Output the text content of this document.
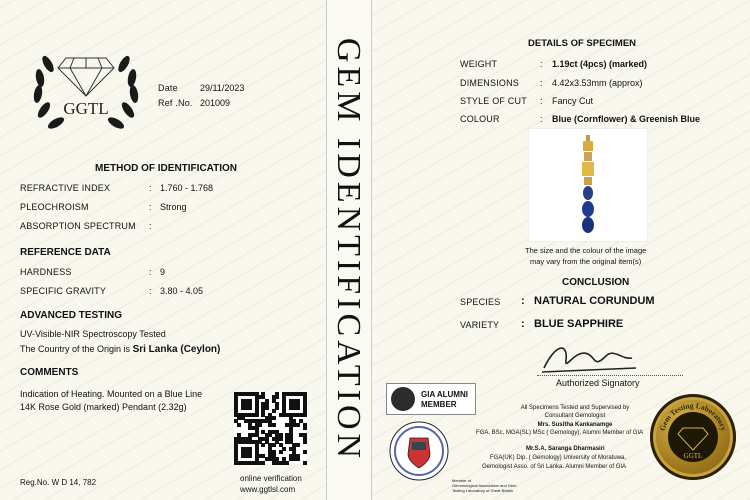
GGTL
Date 29/11/2023
Ref .No. 201009
METHOD OF IDENTIFICATION
REFRACTIVE INDEX	: 1.760 - 1.768
PLEOCHROISM	: Strong
ABSORPTION SPECTRUM :
REFERENCE DATA
HARDNESS	: 9
SPECIFIC GRAVITY	: 3.80 - 4.05
ADVANCED TESTING
UV-Visible-NIR Spectroscopy Tested
The Country of the Origin is Sri Lanka (Ceylon)
COMMENTS
Indication of Heating. Mounted on a Blue Line
14K Rose Gold (marked) Pendant (2.32g)
online verification
www.ggtlsl.com
Reg.No. W D 14, 782
GEM IDENTIFICATION	DETAILS OF SPECIMEN
WEIGHT	: 1.19ct (4pcs) (marked)
DIMENSIONS : 4.42x3.53mm (approx)
STYLE OF CUT : Fancy Cut
COLOUR	: Blue (Cornflower) & Greenish Blue
The size and the colour of the image
may vary from the original item(s)
CONCLUSION
SPECIES : NATURAL CORUNDUM
VARIETY : BLUE SAPPHIRE
Authorized Signatory
GIA ALUMNI
MEMBER
Member of
Gemmological Association and Gem
Testing Laboratory of Great Britain
All Specimens Tested and Supervised by
Consultant Gemologist
Mrs. Susitha Kankanamge
FGA, BSc, MGA(SL) MSc ( Gemology), Alumni Member of GIA
Mr.S.A. Saranga Dharmasiri
FGA(UK) Dip. ( Gemology) University of Moratuwa,
Gemologist Asso. of Sri Lanka. Alumni Member of GIA
Gem Testing Laboratory
GGTL
